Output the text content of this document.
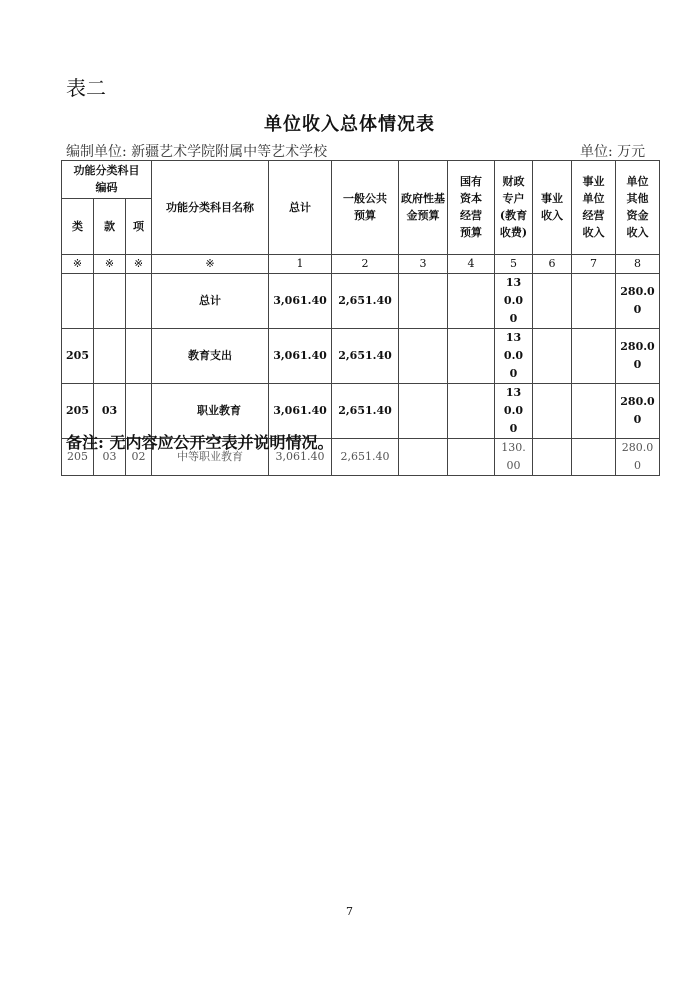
表二
单位收入总体情况表
编制单位: 新疆艺术学院附属中等艺术学校	单位: 万元
功能分类科目编码			功能分类科目名称	总计	一般公共预算	政府性基金预算	国有资本经营预算	财政专户(教育收费)	事业收入	事业单位经营收入	单位其他资金收入
类	款	项									
※	※	※	※	1	2	3	4	5	6	7	8
			总计	3,061.40	2,651.40			130.00			280.00
205			教育支出	3,061.40	2,651.40			130.00			280.00
205	03		职业教育	3,061.40	2,651.40			130.00			280.00
205	03	02	中等职业教育	3,061.40	2,651.40			130.00			280.00
备注: 无内容应公开空表并说明情况。
7
